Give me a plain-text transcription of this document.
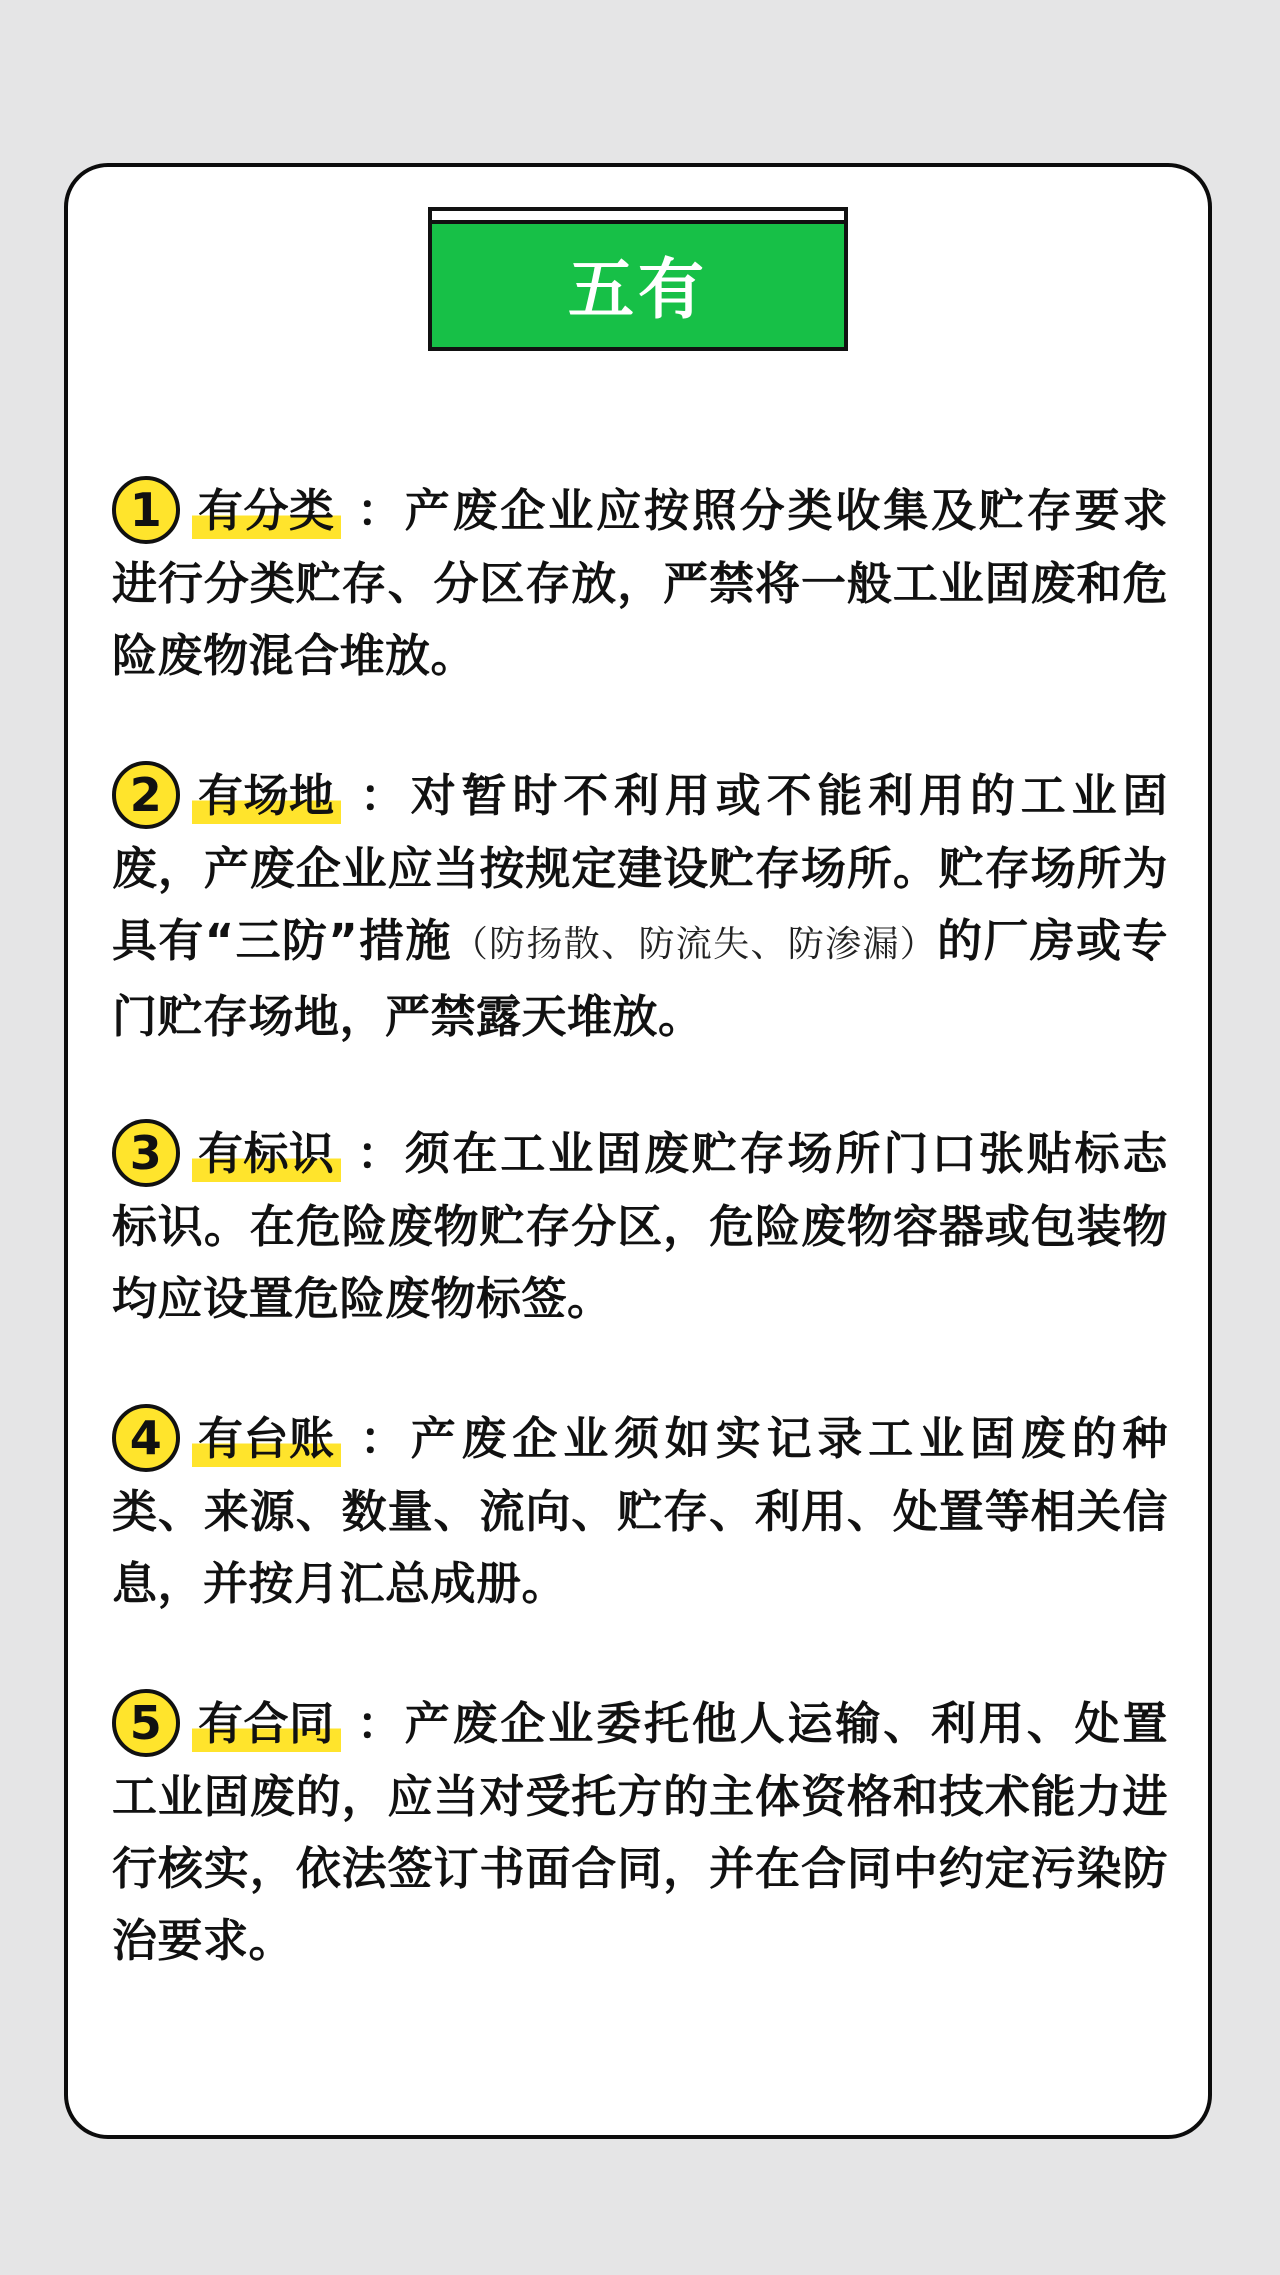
五有
1 有分类 ：产废企业应按照分类收集及贮存要求进行分类贮存、分区存放，严禁将一般工业固废和危险废物混合堆放。
2 有场地 ：对暂时不利用或不能利用的工业固废，产废企业应当按规定建设贮存场所。贮存场所为具有“三防”措施（防扬散、防流失、防渗漏）的厂房或专门贮存场地，严禁露天堆放。
3 有标识 ：须在工业固废贮存场所门口张贴标志标识。在危险废物贮存分区，危险废物容器或包装物均应设置危险废物标签。
4 有台账 ：产废企业须如实记录工业固废的种类、来源、数量、流向、贮存、利用、处置等相关信息，并按月汇总成册。
5 有合同 ：产废企业委托他人运输、利用、处置工业固废的，应当对受托方的主体资格和技术能力进行核实，依法签订书面合同，并在合同中约定污染防治要求。
